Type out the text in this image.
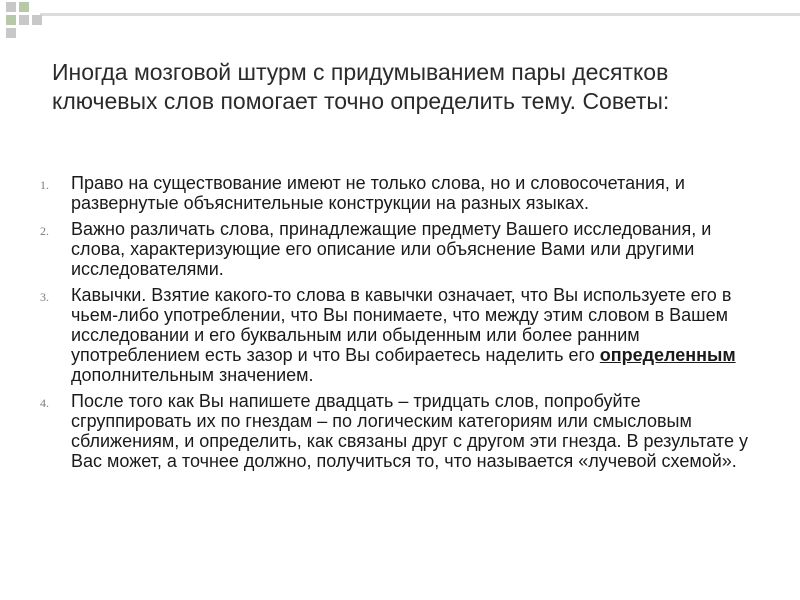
Иногда мозговой штурм с придумыванием пары десятков ключевых слов помогает точно определить тему. Советы:
1. Право на существование имеют не только слова, но и словосочетания, и развернутые объяснительные конструкции на разных языках.
2. Важно различать слова, принадлежащие предмету Вашего исследования, и слова, характеризующие его описание или объяснение Вами или другими исследователями.
3. Кавычки. Взятие какого-то слова в кавычки означает, что Вы используете его в чьем-либо употреблении, что Вы понимаете, что между этим словом в Вашем исследовании и его буквальным или обыденным или более ранним употреблением есть зазор и что Вы собираетесь наделить его определенным дополнительным значением.
4. После того как Вы напишете двадцать – тридцать слов, попробуйте сгруппировать их по гнездам – по логическим категориям или смысловым сближениям, и определить, как связаны друг с другом эти гнезда. В результате у Вас может, а точнее должно, получиться то, что называется «лучевой схемой».
